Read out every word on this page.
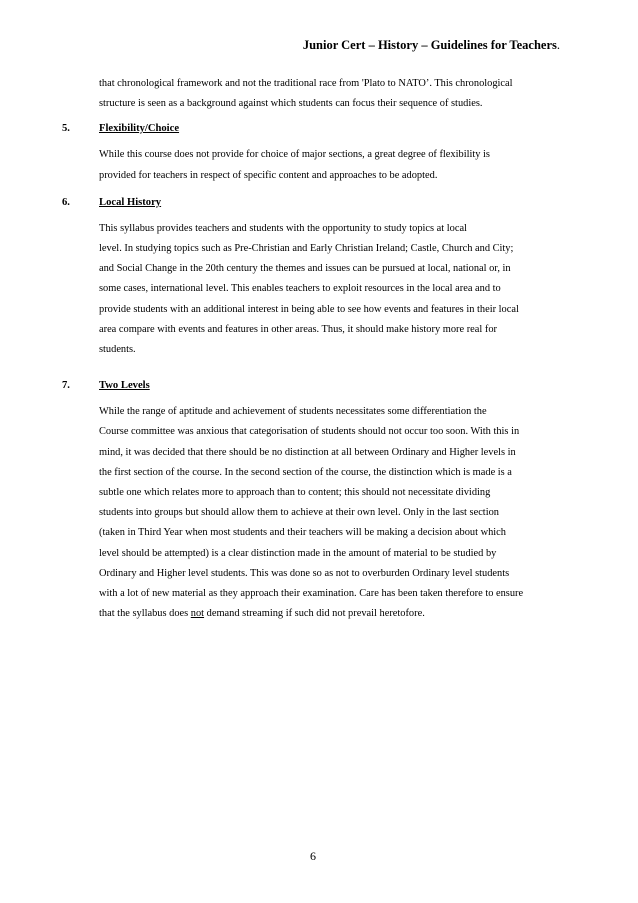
Junior Cert – History – Guidelines for Teachers.
that chronological framework and not the traditional race from 'Plato to NATO’. This chronological
structure is seen as a background against which students can focus their sequence of studies.
5.	Flexibility/Choice
While this course does not provide for choice of major sections, a great degree of flexibility is
provided for teachers in respect of specific content and approaches to be adopted.
6.	Local History
This syllabus provides teachers and students with the opportunity to study topics at local
level. In studying topics such as Pre-Christian and Early Christian Ireland; Castle, Church and City;
and Social Change in the 20th century the themes and issues can be pursued at local, national or, in
some cases, international level. This enables teachers to exploit resources in the local area and to
provide students with an additional interest in being able to see how events and features in their local
area compare with events and features in other areas. Thus, it should make history more real for
students.
7.	Two Levels
While the range of aptitude and achievement of students necessitates some differentiation the
Course committee was anxious that categorisation of students should not occur too soon. With this in
mind, it was decided that there should be no distinction at all between Ordinary and Higher levels in
the first section of the course. In the second section of the course, the distinction which is made is a
subtle one which relates more to approach than to content; this should not necessitate dividing
students into groups but should allow them to achieve at their own level. Only in the last section
(taken in Third Year when most students and their teachers will be making a decision about which
level should be attempted) is a clear distinction made in the amount of material to be studied by
Ordinary and Higher level students. This was done so as not to overburden Ordinary level students
with a lot of new material as they approach their examination. Care has been taken therefore to ensure
that the syllabus does not demand streaming if such did not prevail heretofore.
6
